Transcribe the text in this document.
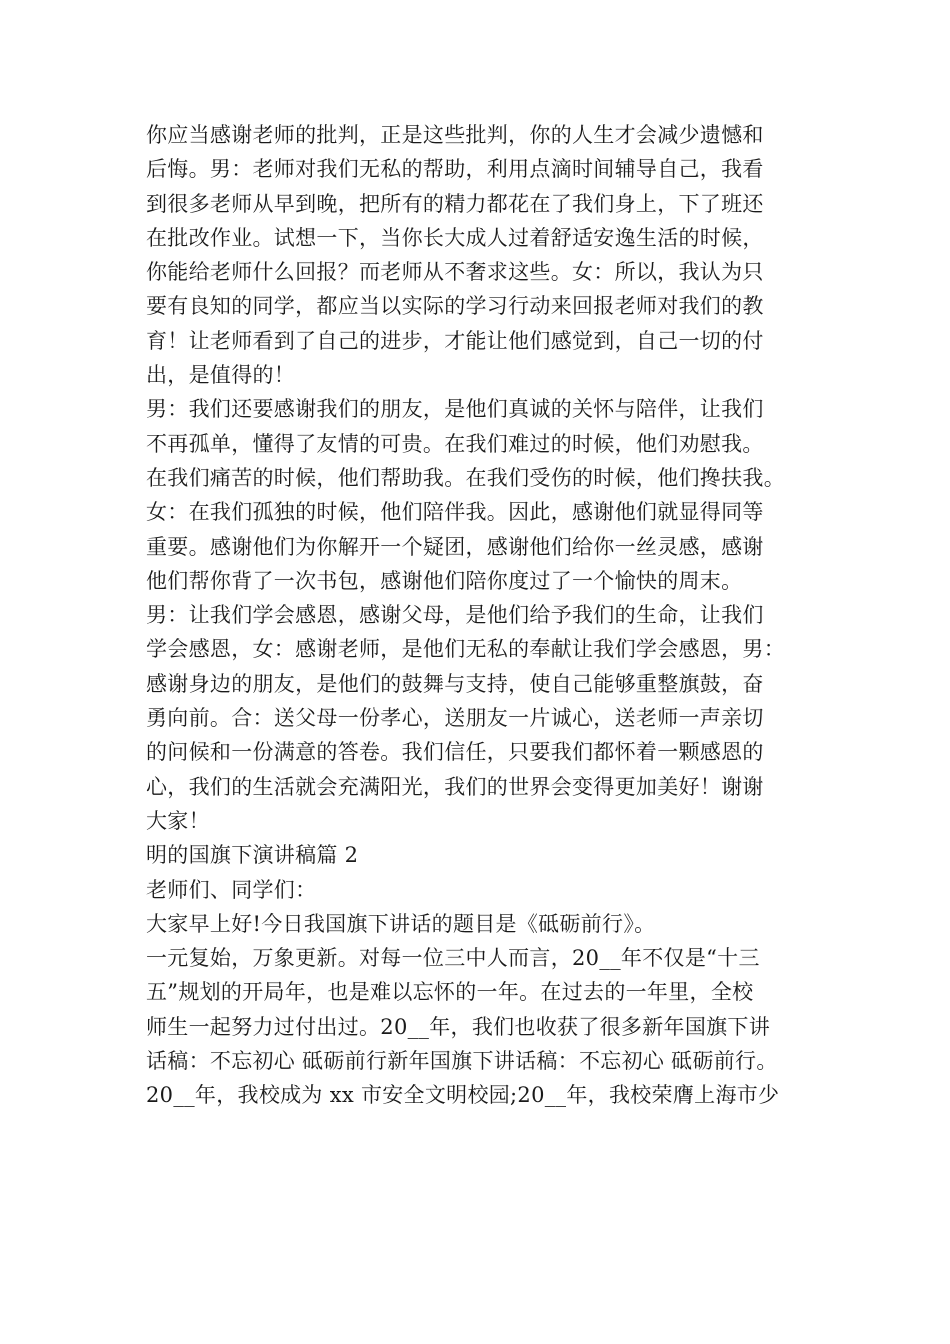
你应当感谢老师的批判，正是这些批判，你的人生才会减少遗憾和
后悔。男：老师对我们无私的帮助，利用点滴时间辅导自己，我看
到很多老师从早到晚，把所有的精力都花在了我们身上，下了班还
在批改作业。试想一下，当你长大成人过着舒适安逸生活的时候，
你能给老师什么回报？而老师从不奢求这些。女：所以，我认为只
要有良知的同学，都应当以实际的学习行动来回报老师对我们的教
育！让老师看到了自己的进步，才能让他们感觉到，自己一切的付
出，是值得的！
男：我们还要感谢我们的朋友，是他们真诚的关怀与陪伴，让我们
不再孤单，懂得了友情的可贵。在我们难过的时候，他们劝慰我。
在我们痛苦的时候，他们帮助我。在我们受伤的时候，他们搀扶我。
女：在我们孤独的时候，他们陪伴我。因此，感谢他们就显得同等
重要。感谢他们为你解开一个疑团，感谢他们给你一丝灵感，感谢
他们帮你背了一次书包，感谢他们陪你度过了一个愉快的周末。
男：让我们学会感恩，感谢父母，是他们给予我们的生命，让我们
学会感恩，女：感谢老师，是他们无私的奉献让我们学会感恩，男：
感谢身边的朋友，是他们的鼓舞与支持，使自己能够重整旗鼓，奋
勇向前。合：送父母一份孝心，送朋友一片诚心，送老师一声亲切
的问候和一份满意的答卷。我们信任，只要我们都怀着一颗感恩的
心，我们的生活就会充满阳光，我们的世界会变得更加美好！谢谢
大家！
明的国旗下演讲稿篇 2
老师们、同学们：
大家早上好!今日我国旗下讲话的题目是《砥砺前行》。
一元复始，万象更新。对每一位三中人而言，20__年不仅是“十三
五”规划的开局年，也是难以忘怀的一年。在过去的一年里，全校
师生一起努力过付出过。20__年，我们也收获了很多新年国旗下讲
话稿：不忘初心 砥砺前行新年国旗下讲话稿：不忘初心 砥砺前行。
20__年，我校成为 xx 市安全文明校园;20__年，我校荣膺上海市少
